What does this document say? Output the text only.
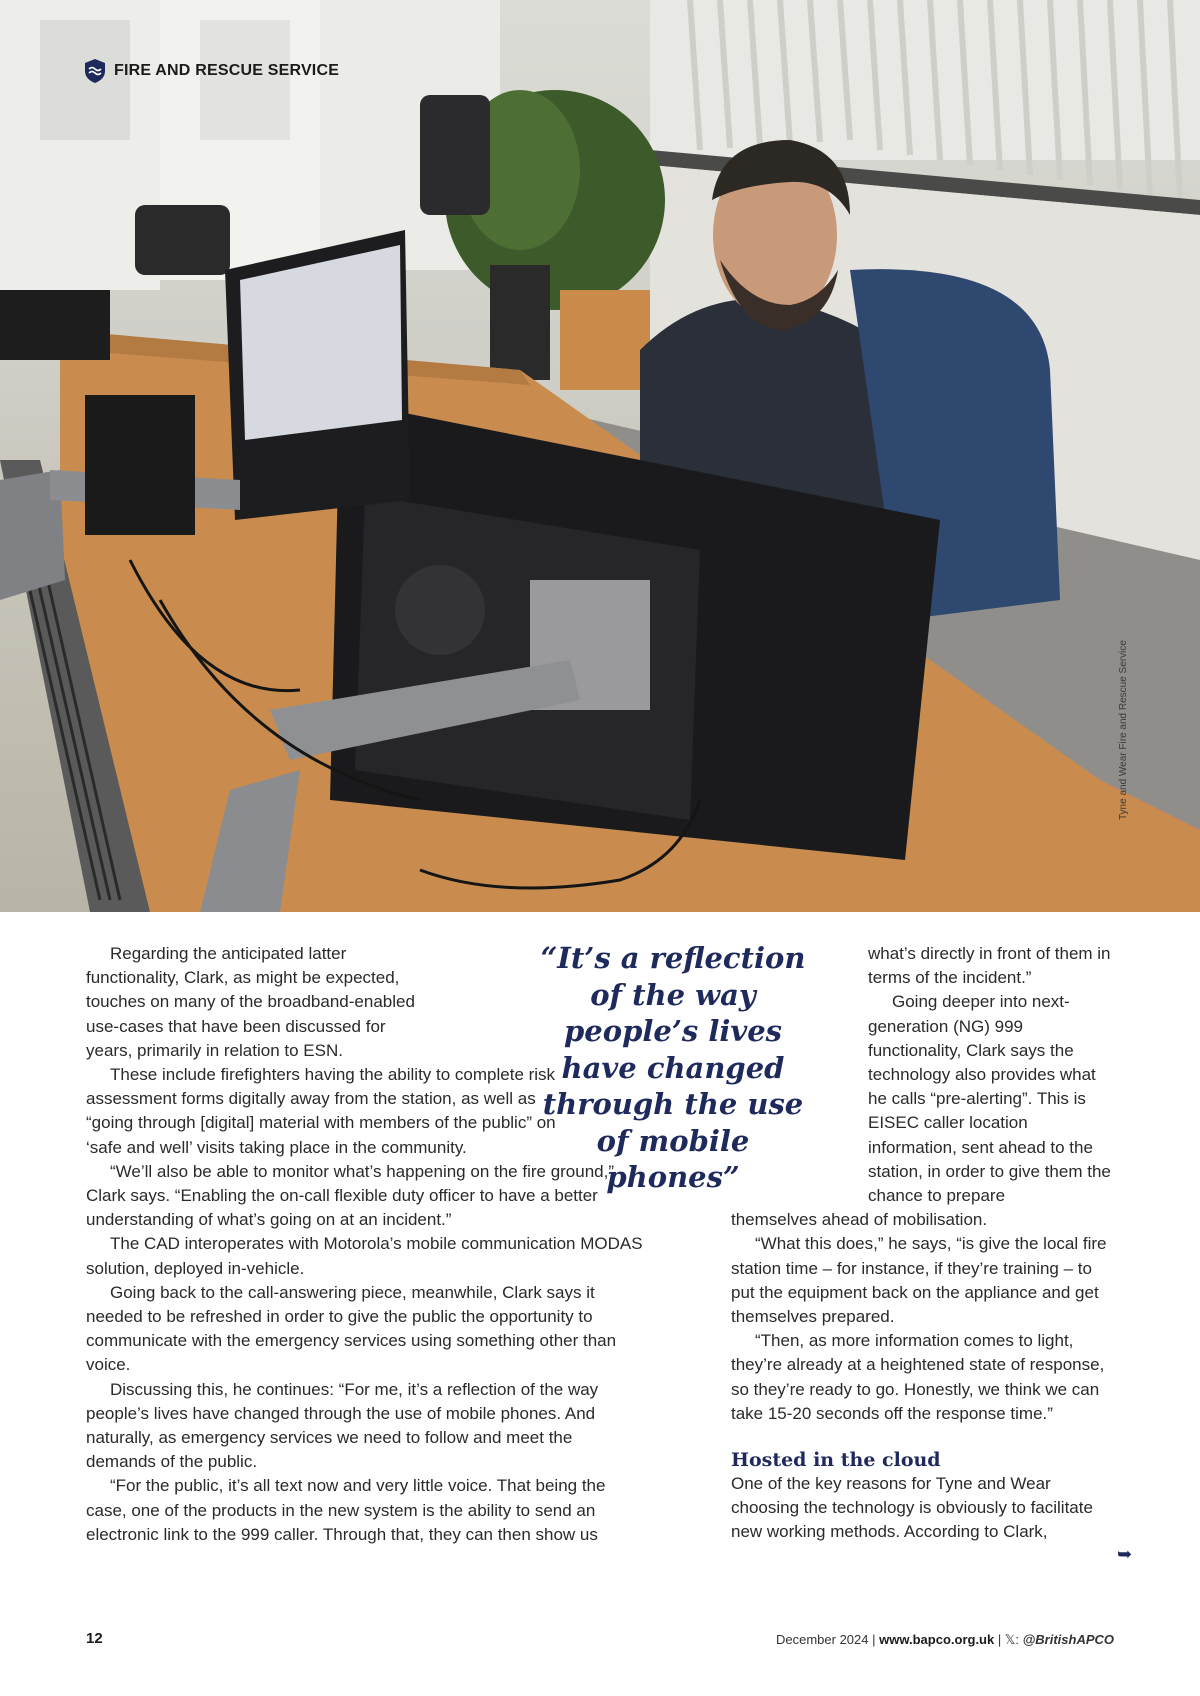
FIRE AND RESCUE SERVICE
Tyne and Wear Fire and Rescue Service

Regarding the anticipated latter functionality, Clark, as might be expected, touches on many of the broadband-enabled use-cases that have been discussed for years, primarily in relation to ESN.

These include firefighters having the ability to complete risk assessment forms digitally away from the station, as well as “going through [digital] material with members of the public” on ‘safe and well’ visits taking place in the community.

“We’ll also be able to monitor what’s happening on the fire ground,” Clark says. “Enabling the on-call flexible duty officer to have a better understanding of what’s going on at an incident.”

The CAD interoperates with Motorola’s mobile communication MODAS solution, deployed in-vehicle.

Going back to the call-answering piece, meanwhile, Clark says it needed to be refreshed in order to give the public the opportunity to communicate with the emergency services using something other than voice.

Discussing this, he continues: “For me, it’s a reflection of the way people’s lives have changed through the use of mobile phones. And naturally, as emergency services we need to follow and meet the demands of the public.

“For the public, it’s all text now and very little voice. That being the case, one of the products in the new system is the ability to send an electronic link to the 999 caller. Through that, they can then show us

“It’s a reflection of the way people’s lives have changed through the use of mobile phones”

what’s directly in front of them in terms of the incident.”

Going deeper into next-generation (NG) 999 functionality, Clark says the technology also provides what he calls “pre-alerting”. This is EISEC caller location information, sent ahead to the station, in order to give them the chance to prepare

themselves ahead of mobilisation.

“What this does,” he says, “is give the local fire station time – for instance, if they’re training – to put the equipment back on the appliance and get themselves prepared.

“Then, as more information comes to light, they’re already at a heightened state of response, so they’re ready to go. Honestly, we think we can take 15-20 seconds off the response time.”

Hosted in the cloud

One of the key reasons for Tyne and Wear choosing the technology is obviously to facilitate new working methods. According to Clark,

➥
12	December 2024 | www.bapco.org.uk | 𝕏: @BritishAPCO
